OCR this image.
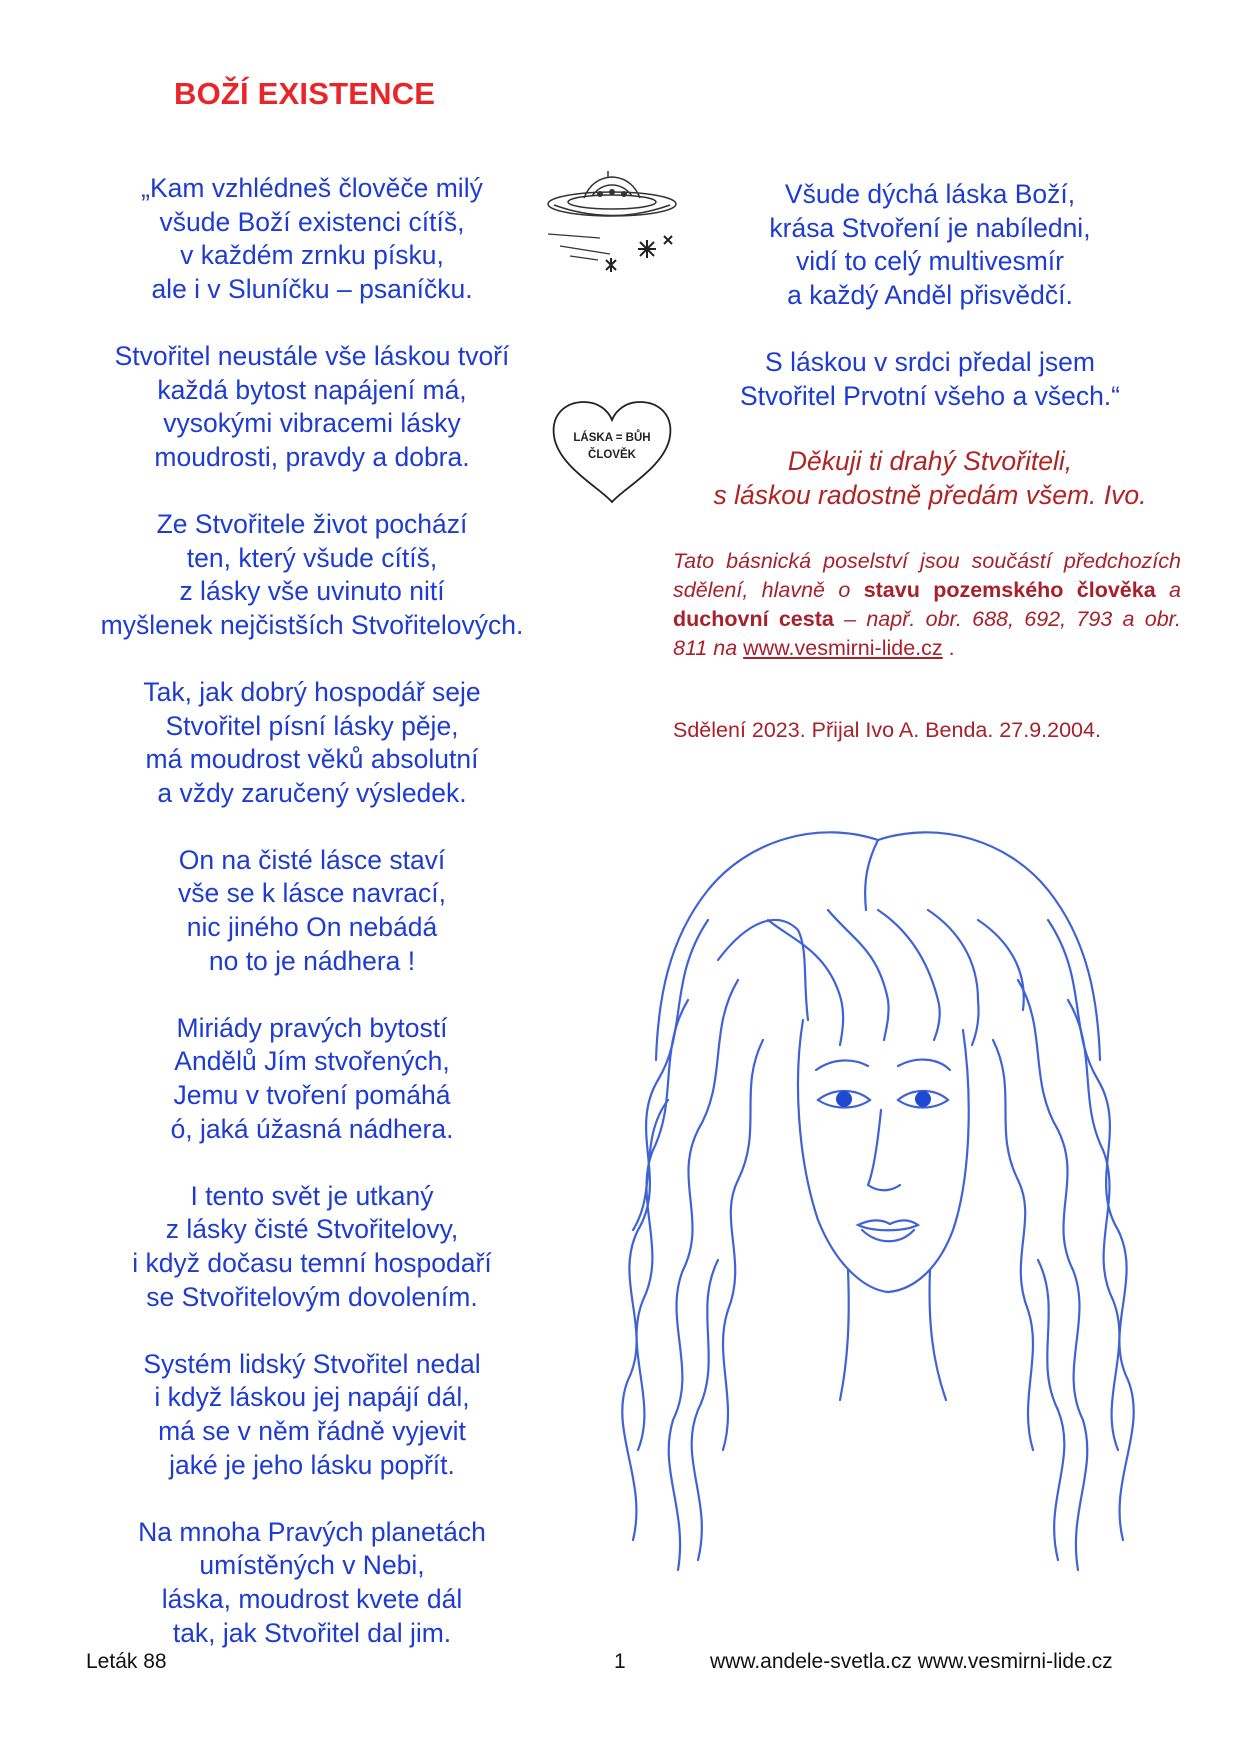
BOŽÍ EXISTENCE
„Kam vzhlédneš člověče milý
všude Boží existenci cítíš,
v každém zrnku písku,
ale i v Sluníčku – psaníčku.
Stvořitel neustále vše láskou tvoří
každá bytost napájení má,
vysokými vibracemi lásky
moudrosti, pravdy a dobra.
Ze Stvořitele život pochází
ten, který všude cítíš,
z lásky vše uvinuto nití
myšlenek nejčistších Stvořitelových.
Tak, jak dobrý hospodář seje
Stvořitel písní lásky pěje,
má moudrost věků absolutní
a vždy zaručený výsledek.
On na čisté lásce staví
vše se k lásce navrací,
nic jiného On nebádá
no to je nádhera !
Miriády pravých bytostí
Andělů Jím stvořených,
Jemu v tvoření pomáhá
ó, jaká úžasná nádhera.
I tento svět je utkaný
z lásky čisté Stvořitelovy,
i když dočasu temní hospodaří
se Stvořitelovým dovolením.
Systém lidský Stvořitel nedal
i když láskou jej napájí dál,
má se v něm řádně vyjevit
jaké je jeho lásku popřít.
Na mnoha Pravých planetách
umístěných v Nebi,
láska, moudrost kvete dál
tak, jak Stvořitel dal jim.
Všude dýchá láska Boží,
krása Stvoření je nabíledni,
vidí to celý multivesmír
a každý Anděl přisvědčí.
S láskou v srdci předal jsem
Stvořitel Prvotní všeho a všech.“
LÁSKA = BŮH
ČLOVĚK	Děkuji ti drahý Stvořiteli,
s láskou radostně předám všem. Ivo.
Tato básnická poselství jsou součástí předchozích sdělení, hlavně o stavu pozemského člověka a duchovní cesta – např. obr. 688, 692, 793 a obr. 811 na www.vesmirni-lide.cz .
Sdělení 2023. Přijal Ivo A. Benda. 27.9.2004.
Leták 88	1	www.andele-svetla.cz www.vesmirni-lide.cz
